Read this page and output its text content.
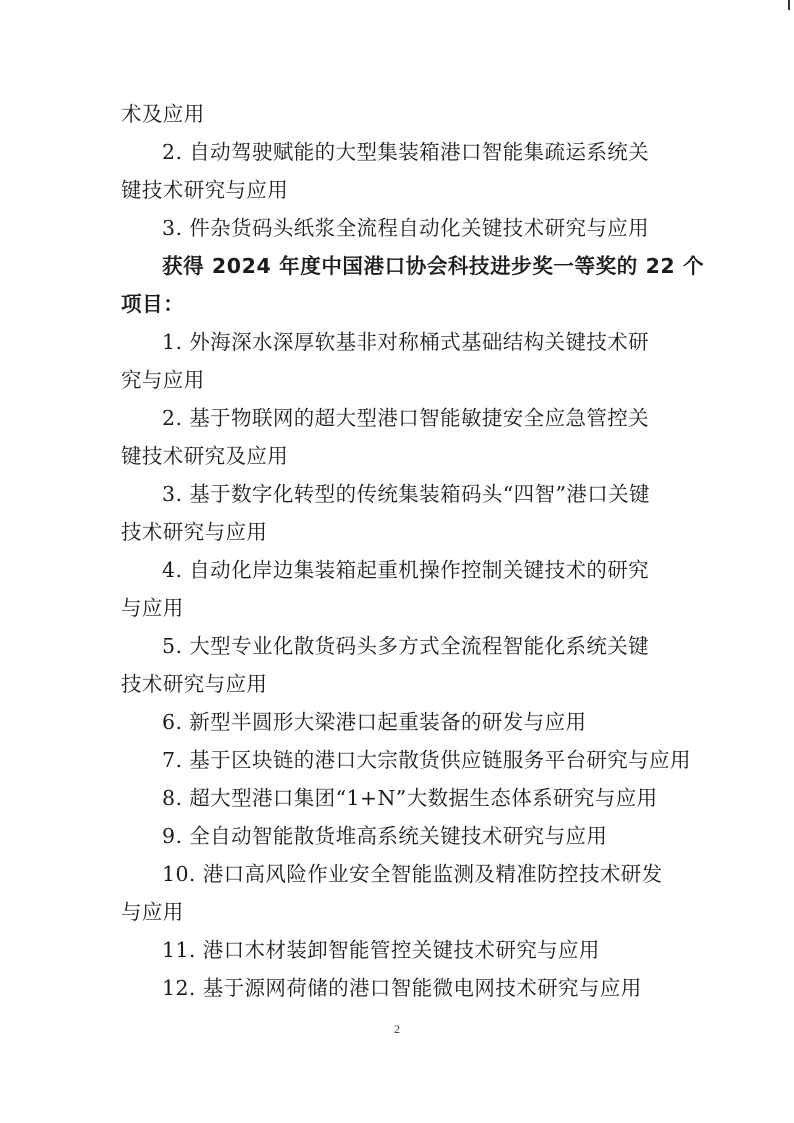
术及应用
2. 自动驾驶赋能的大型集装箱港口智能集疏运系统关
键技术研究与应用
3. 件杂货码头纸浆全流程自动化关键技术研究与应用
获得 2024 年度中国港口协会科技进步奖一等奖的 22 个
项目：
1. 外海深水深厚软基非对称桶式基础结构关键技术研
究与应用
2. 基于物联网的超大型港口智能敏捷安全应急管控关
键技术研究及应用
3. 基于数字化转型的传统集装箱码头“四智”港口关键
技术研究与应用
4. 自动化岸边集装箱起重机操作控制关键技术的研究
与应用
5. 大型专业化散货码头多方式全流程智能化系统关键
技术研究与应用
6. 新型半圆形大梁港口起重装备的研发与应用
7. 基于区块链的港口大宗散货供应链服务平台研究与应用
8. 超大型港口集团“1+N”大数据生态体系研究与应用
9. 全自动智能散货堆高系统关键技术研究与应用
10. 港口高风险作业安全智能监测及精准防控技术研发
与应用
11. 港口木材装卸智能管控关键技术研究与应用
12. 基于源网荷储的港口智能微电网技术研究与应用
2
